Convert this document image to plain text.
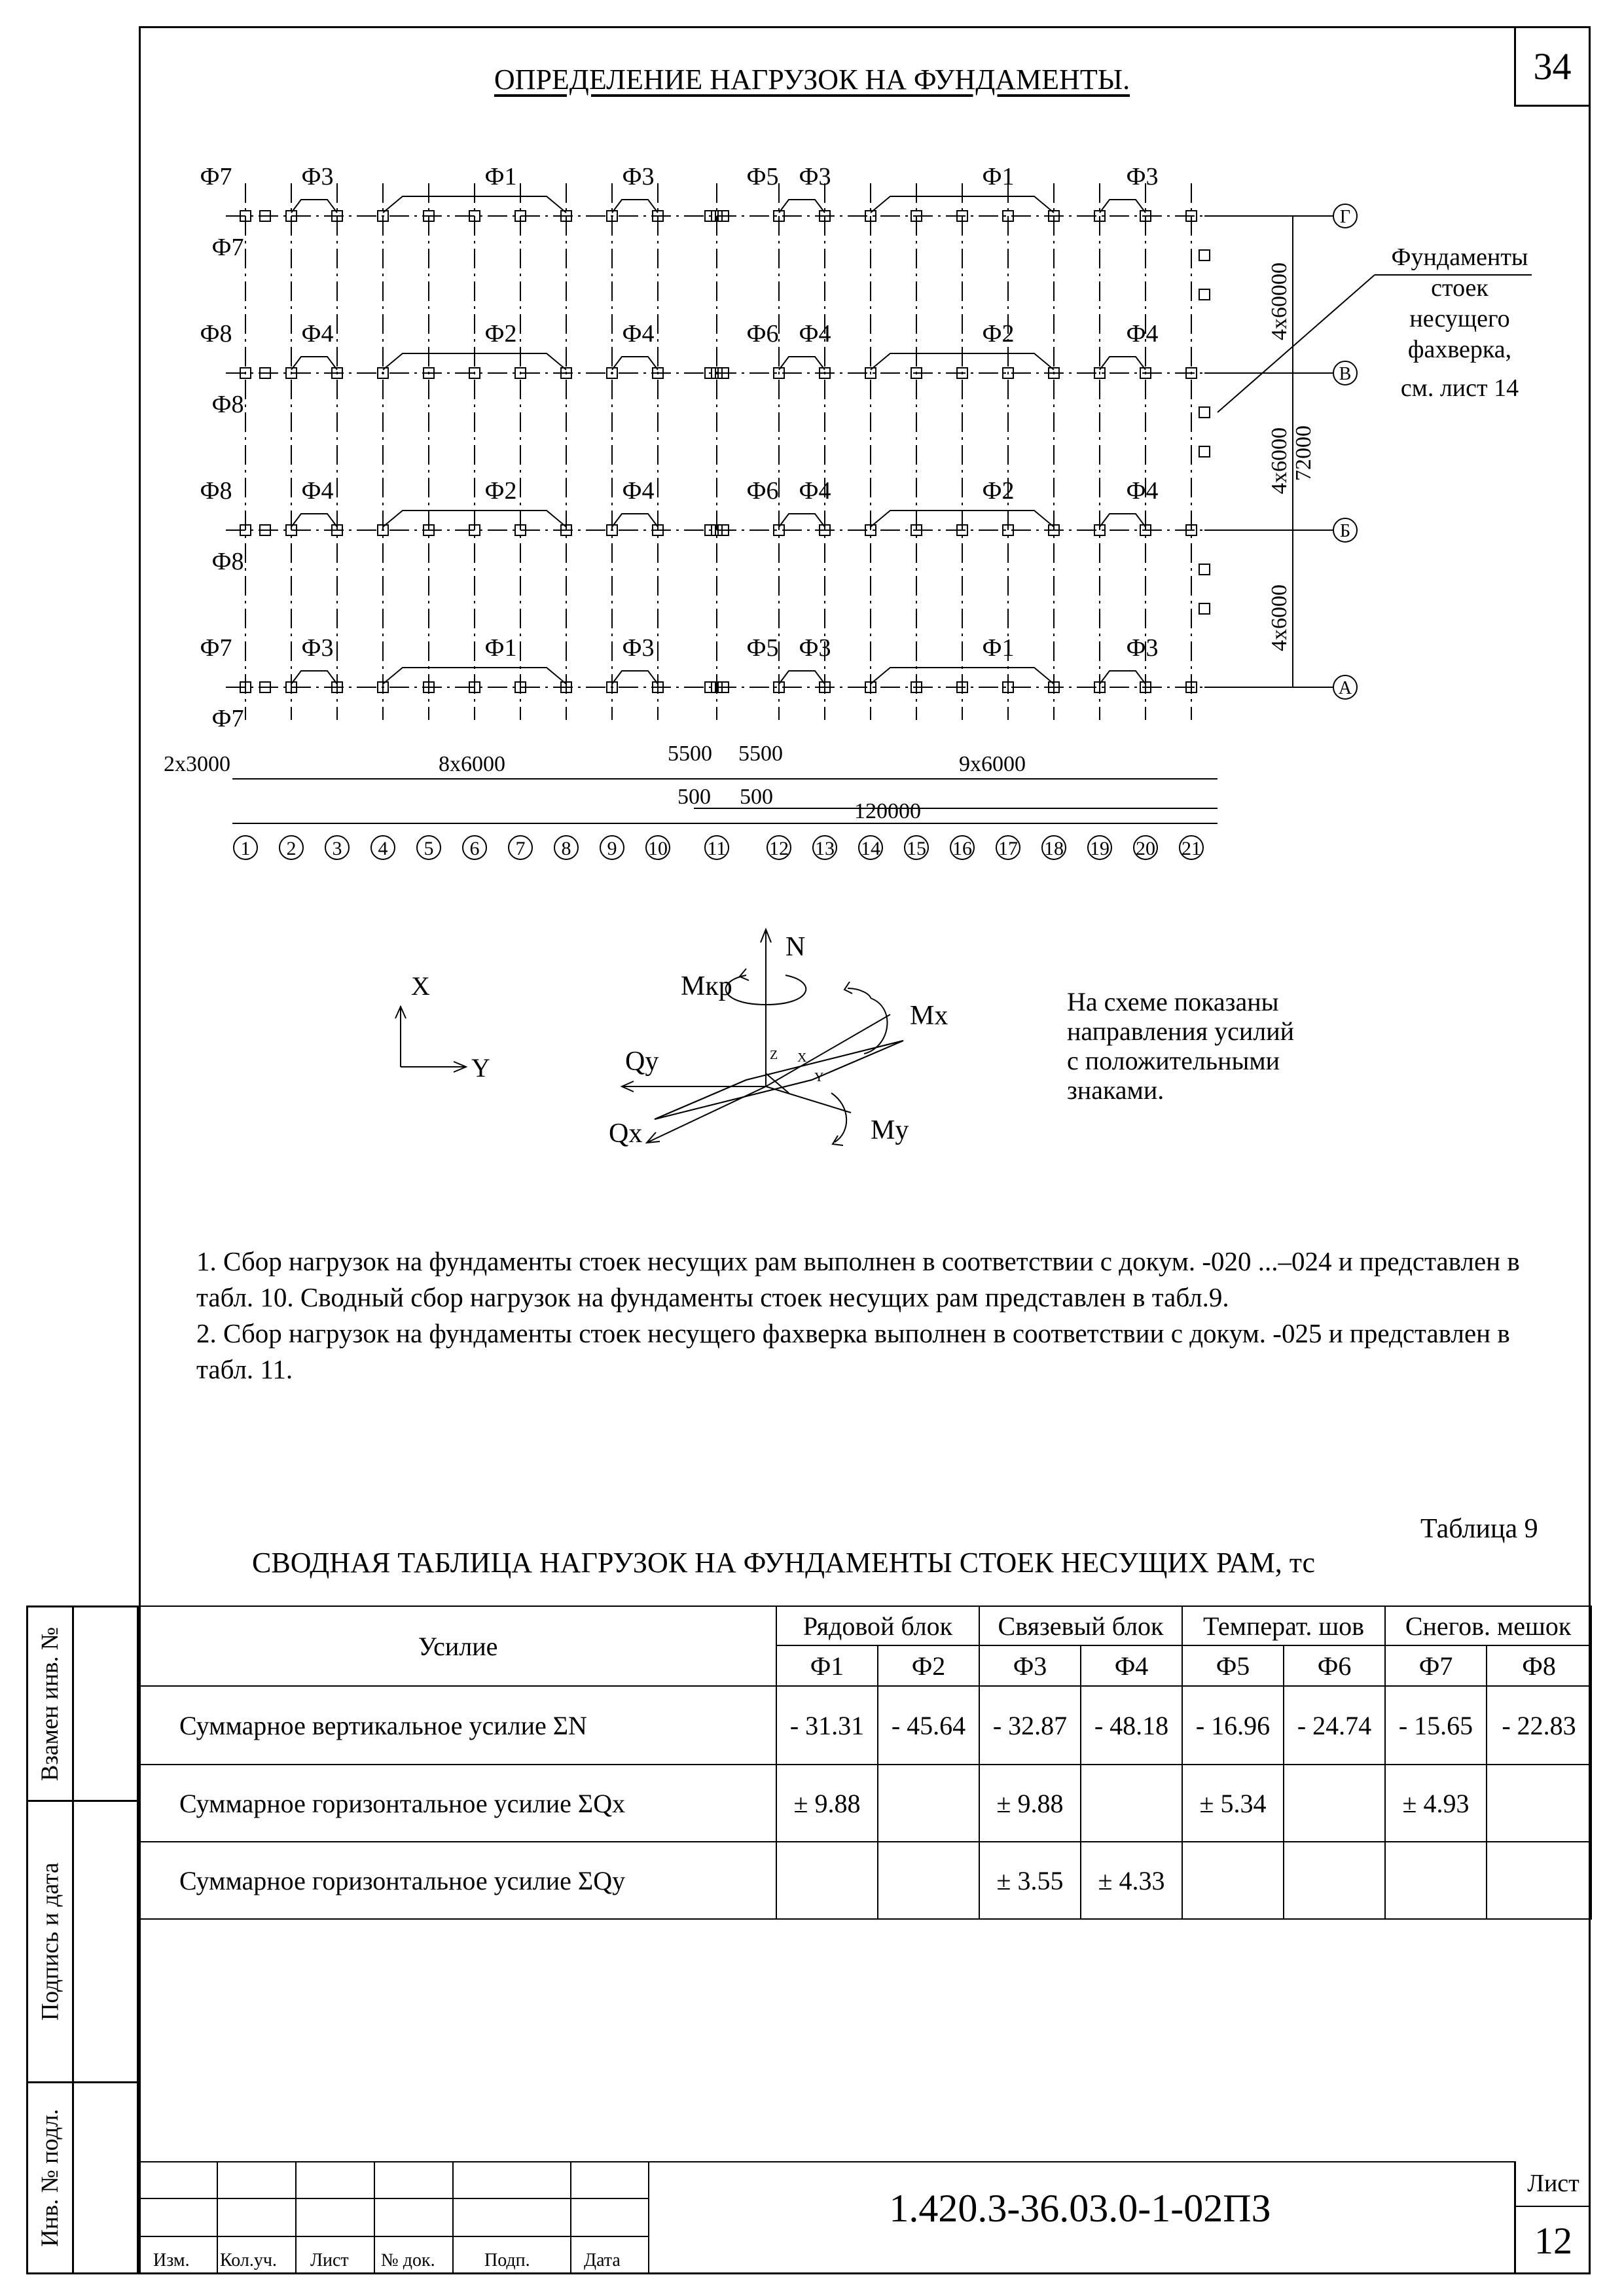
34
ОПРЕДЕЛЕНИЕ НАГРУЗОК НА ФУНДАМЕНТЫ.
1 2 3 4 5 6 7 8 9 10 11 12 13 14 15 16 17 18 19 20 21
Г
В
Б
А
Ф7	Ф3	Ф1	Ф3	Ф5 Ф3	Ф1	Ф3
Ф7
Ф8	Ф4	Ф2	Ф4	Ф6 Ф4	Ф2	Ф4
Ф8
Ф8	Ф4	Ф2	Ф4	Ф6 Ф4	Ф2	Ф4
Ф8
Ф7	Ф3	Ф1	Ф3	Ф5 Ф3	Ф1	Ф3
Ф7
Фундаменты
стоек
несущего
фахверка,
см. лист 14
2x3000	8x6000	5500 5500	9x6000
500 500
120000
4x60000
4x6000
4x6000
72000
X
Y
N
Мкр
Mx
Qy
Qx	My
Z X
Y
На схеме показаны
направления усилий
с положительными
знаками.

1. Сбор нагрузок на фундаменты стоек несущих рам выполнен в соответствии с докум. -020 ...–024 и представлен в табл. 10. Сводный сбор нагрузок на фундаменты стоек несущих рам представлен в табл.9.

2. Сбор нагрузок на фундаменты стоек несущего фахверка выполнен в соответствии с докум. -025 и представлен в табл. 11.

Таблица 9
СВОДНАЯ ТАБЛИЦА НАГРУЗОК НА ФУНДАМЕНТЫ СТОЕК НЕСУЩИХ РАМ, тс
Усилие	Рядовой блок		Связевый блок		Температ. шов		Снегов. мешок	
	Ф1	Ф2	Ф3	Ф4	Ф5	Ф6	Ф7	Ф8
Суммарное вертикальное усилие ΣN	- 31.31	- 45.64	- 32.87	- 48.18	- 16.96	- 24.74	- 15.65	- 22.83
Суммарное горизонтальное усилие ΣQx	± 9.88		± 9.88		± 5.34		± 4.93	
Суммарное горизонтальное усилие ΣQy			± 3.55	± 4.33				
Взамен инв. №
Подпись и дата
Инв. № подл.
Изм. Кол.уч. Лист № док.	Подп.	Дата
1.420.3-36.03.0-1-02ПЗ
Лист
12
